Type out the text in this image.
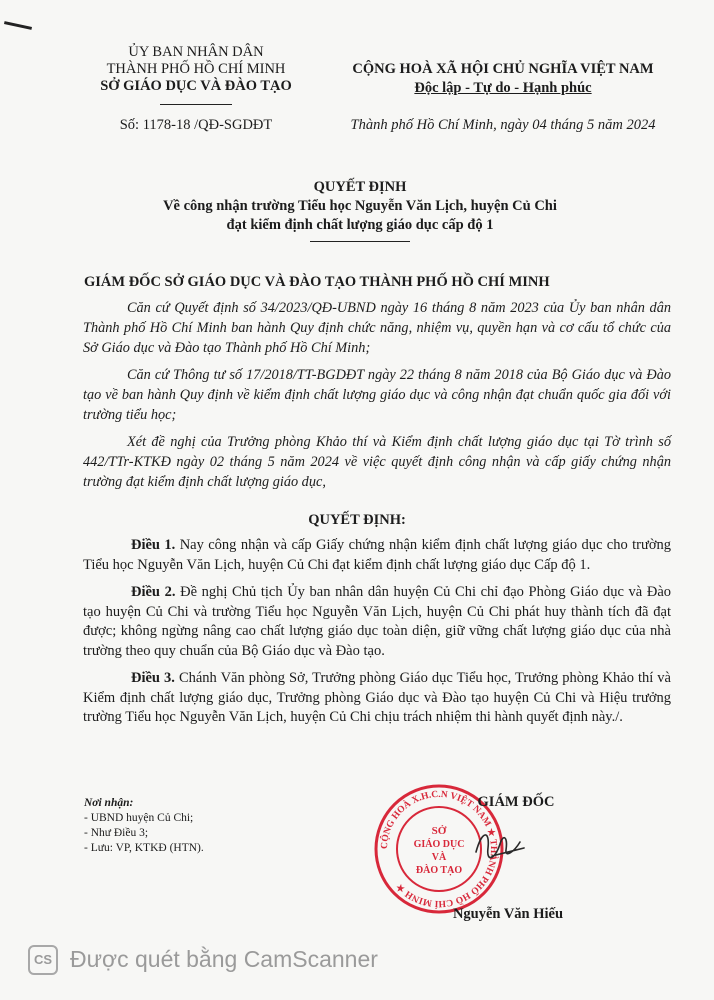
ỦY BAN NHÂN DÂN
THÀNH PHỐ HỒ CHÍ MINH
SỞ GIÁO DỤC VÀ ĐÀO TẠO
Số: 1178-18 /QĐ-SGDĐT
CỘNG HOÀ XÃ HỘI CHỦ NGHĨA VIỆT NAM
Độc lập - Tự do - Hạnh phúc
Thành phố Hồ Chí Minh, ngày 04 tháng 5 năm 2024
QUYẾT ĐỊNH
Về công nhận trường Tiểu học Nguyễn Văn Lịch, huyện Củ Chi
đạt kiểm định chất lượng giáo dục cấp độ 1
GIÁM ĐỐC SỞ GIÁO DỤC VÀ ĐÀO TẠO THÀNH PHỐ HỒ CHÍ MINH

Căn cứ Quyết định số 34/2023/QĐ-UBND ngày 16 tháng 8 năm 2023 của Ủy ban nhân dân Thành phố Hồ Chí Minh ban hành Quy định chức năng, nhiệm vụ, quyền hạn và cơ cấu tổ chức của Sở Giáo dục và Đào tạo Thành phố Hồ Chí Minh;

Căn cứ Thông tư số 17/2018/TT-BGDĐT ngày 22 tháng 8 năm 2018 của Bộ Giáo dục và Đào tạo về ban hành Quy định về kiểm định chất lượng giáo dục và công nhận đạt chuẩn quốc gia đối với trường tiểu học;

Xét đề nghị của Trưởng phòng Khảo thí và Kiểm định chất lượng giáo dục tại Tờ trình số 442/TTr-KTKĐ ngày 02 tháng 5 năm 2024 về việc quyết định công nhận và cấp giấy chứng nhận trường đạt kiểm định chất lượng giáo dục,

QUYẾT ĐỊNH:

Điều 1. Nay công nhận và cấp Giấy chứng nhận kiểm định chất lượng giáo dục cho trường Tiểu học Nguyễn Văn Lịch, huyện Củ Chi đạt kiểm định chất lượng giáo dục Cấp độ 1.

Điều 2. Đề nghị Chủ tịch Ủy ban nhân dân huyện Củ Chi chỉ đạo Phòng Giáo dục và Đào tạo huyện Củ Chi và trường Tiểu học Nguyễn Văn Lịch, huyện Củ Chi phát huy thành tích đã đạt được; không ngừng nâng cao chất lượng giáo dục toàn diện, giữ vững chất lượng giáo dục của nhà trường theo quy chuẩn của Bộ Giáo dục và Đào tạo.

Điều 3. Chánh Văn phòng Sở, Trưởng phòng Giáo dục Tiểu học, Trưởng phòng Khảo thí và Kiểm định chất lượng giáo dục, Trưởng phòng Giáo dục và Đào tạo huyện Củ Chi và Hiệu trưởng trường Tiểu học Nguyễn Văn Lịch, huyện Củ Chi chịu trách nhiệm thi hành quyết định này./.

Nơi nhận:
- UBND huyện Củ Chi;
- Như Điều 3;
- Lưu: VP, KTKĐ (HTN).	CỘNG HOÀ X.H.C.N VIỆT NAM ★ THÀNH PHỐ HỒ CHÍ MINH ★
SỞ
GIÁO DỤC
VÀ
ĐÀO TẠO
GIÁM ĐỐC
Nguyễn Văn Hiếu
CS Được quét bằng CamScanner
